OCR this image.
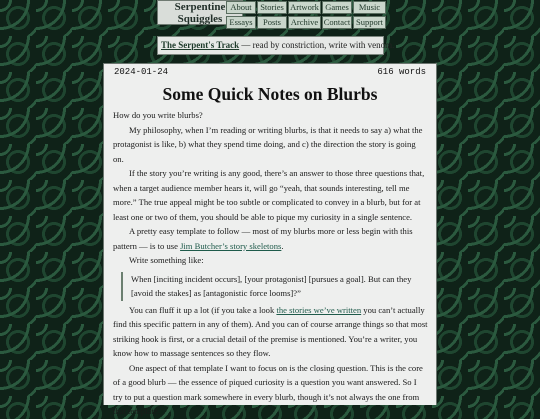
Serpentine
Squiggles
About	Stories Artwork Games	Music
Essays	Posts	Archive Contact Support
The Serpent's Track — read by constriction, write with venom.
2024-01-24	616 words
Some Quick Notes on Blurbs

How do you write blurbs?

My philosophy, when I’m reading or writing blurbs, is that it needs to say a) what the protagonist is like, b) what they spend time doing, and c) the direction the story is going on.

If the story you’re writing is any good, there’s an answer to those three questions that, when a target audience member hears it, will go “yeah, that sounds interesting, tell me more.” The true appeal might be too subtle or complicated to convey in a blurb, but for at least one or two of them, you should be able to pique my curiosity in a single sentence.

A pretty easy template to follow — most of my blurbs more or less begin with this pattern — is to use Jim Butcher’s story skeletons.

Write something like:

When [inciting incident occurs], [your protagonist] [pursues a goal]. But can they [avoid the stakes] as [antagonistic force looms]?”

You can fluff it up a lot (if you take a look the stories we’ve written you can’t actually find this specific pattern in any of them). And you can of course arrange things so that most striking hook is first, or a crucial detail of the premise is mentioned. You’re a writer, you know how to massage sentences so they flow.

One aspect of that template I want to focus on is the closing question. This is the core of a good blurb — the essence of piqued curiosity is a question you want answered. So I try to put a question mark somewhere in every blurb, though it’s not always the one from that template.
